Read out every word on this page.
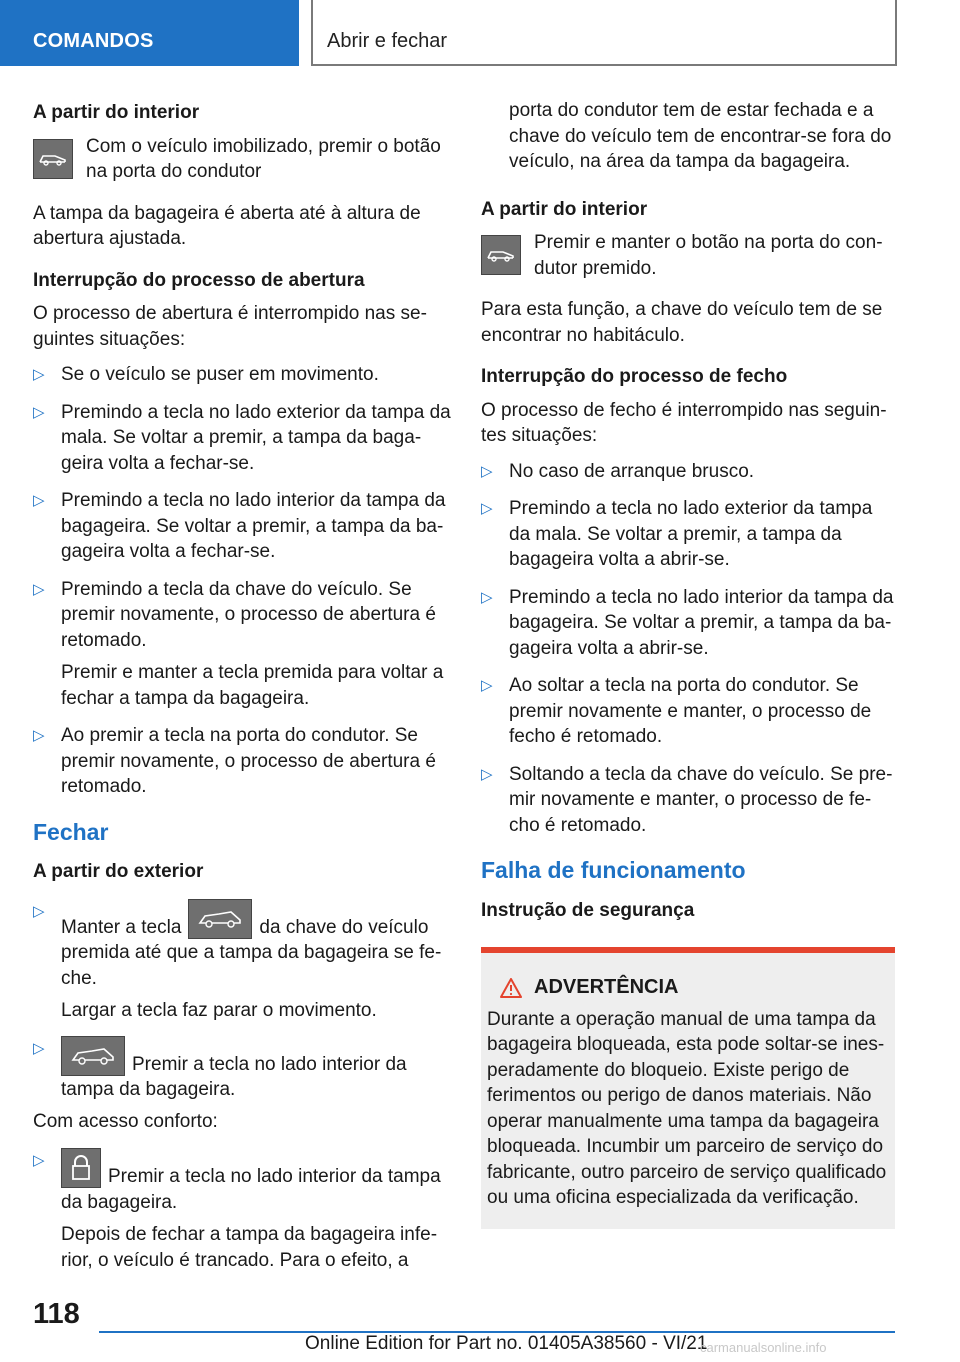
COMANDOS	Abrir e fechar
A partir do interior
Com o veículo imobilizado, premir o botão na porta do condutor

A tampa da bagageira é aberta até à altura de abertura ajustada.

Interrupção do processo de abertura

O processo de abertura é interrompido nas seguintes situações:

▷ Se o veículo se puser em movimento.
▷ Premindo a tecla no lado exterior da tampa da mala. Se voltar a premir, a tampa da bagageira volta a fechar-se.
▷ Premindo a tecla no lado interior da tampa da bagageira. Se voltar a premir, a tampa da bagageira volta a fechar-se.
▷ Premindo a tecla da chave do veículo. Se premir novamente, o processo de abertura é retomado.
Premir e manter a tecla premida para voltar a fechar a tampa da bagageira.
▷ Ao premir a tecla na porta do condutor. Se premir novamente, o processo de abertura é retomado.
Fechar
A partir do exterior
▷ Manter a tecla	da chave do veículo premida até que a tampa da bagageira se feche.
Largar a tecla faz parar o movimento.
▷ Premir a tecla no lado interior da tampa da bagageira.

Com acesso conforto:

▷ Premir a tecla no lado interior da tampa da bagageira.
Depois de fechar a tampa da bagageira inferior, o veículo é trancado. Para o efeito, a

porta do condutor tem de estar fechada e a chave do veículo tem de encontrar-se fora do veículo, na área da tampa da bagageira.

A partir do interior
Premir e manter o botão na porta do condutor premido.

Para esta função, a chave do veículo tem de se encontrar no habitáculo.

Interrupção do processo de fecho

O processo de fecho é interrompido nas seguintes situações:

▷ No caso de arranque brusco.
▷ Premindo a tecla no lado exterior da tampa da mala. Se voltar a premir, a tampa da bagageira volta a abrir-se.
▷ Premindo a tecla no lado interior da tampa da bagageira. Se voltar a premir, a tampa da bagageira volta a abrir-se.
▷ Ao soltar a tecla na porta do condutor. Se premir novamente e manter, o processo de fecho é retomado.
▷ Soltando a tecla da chave do veículo. Se premir novamente e manter, o processo de fecho é retomado.
Falha de funcionamento
Instrução de segurança
ADVERTÊNCIA
Durante a operação manual de uma tampa da bagageira bloqueada, esta pode soltar-se inesperadamente do bloqueio. Existe perigo de ferimentos ou perigo de danos materiais. Não operar manualmente uma tampa da bagageira bloqueada. Incumbir um parceiro de serviço do fabricante, outro parceiro de serviço qualificado ou uma oficina especializada da verificação.
118
Online Edition for Part no. 01405A38560 - VI/21
carmanualsonline.info
